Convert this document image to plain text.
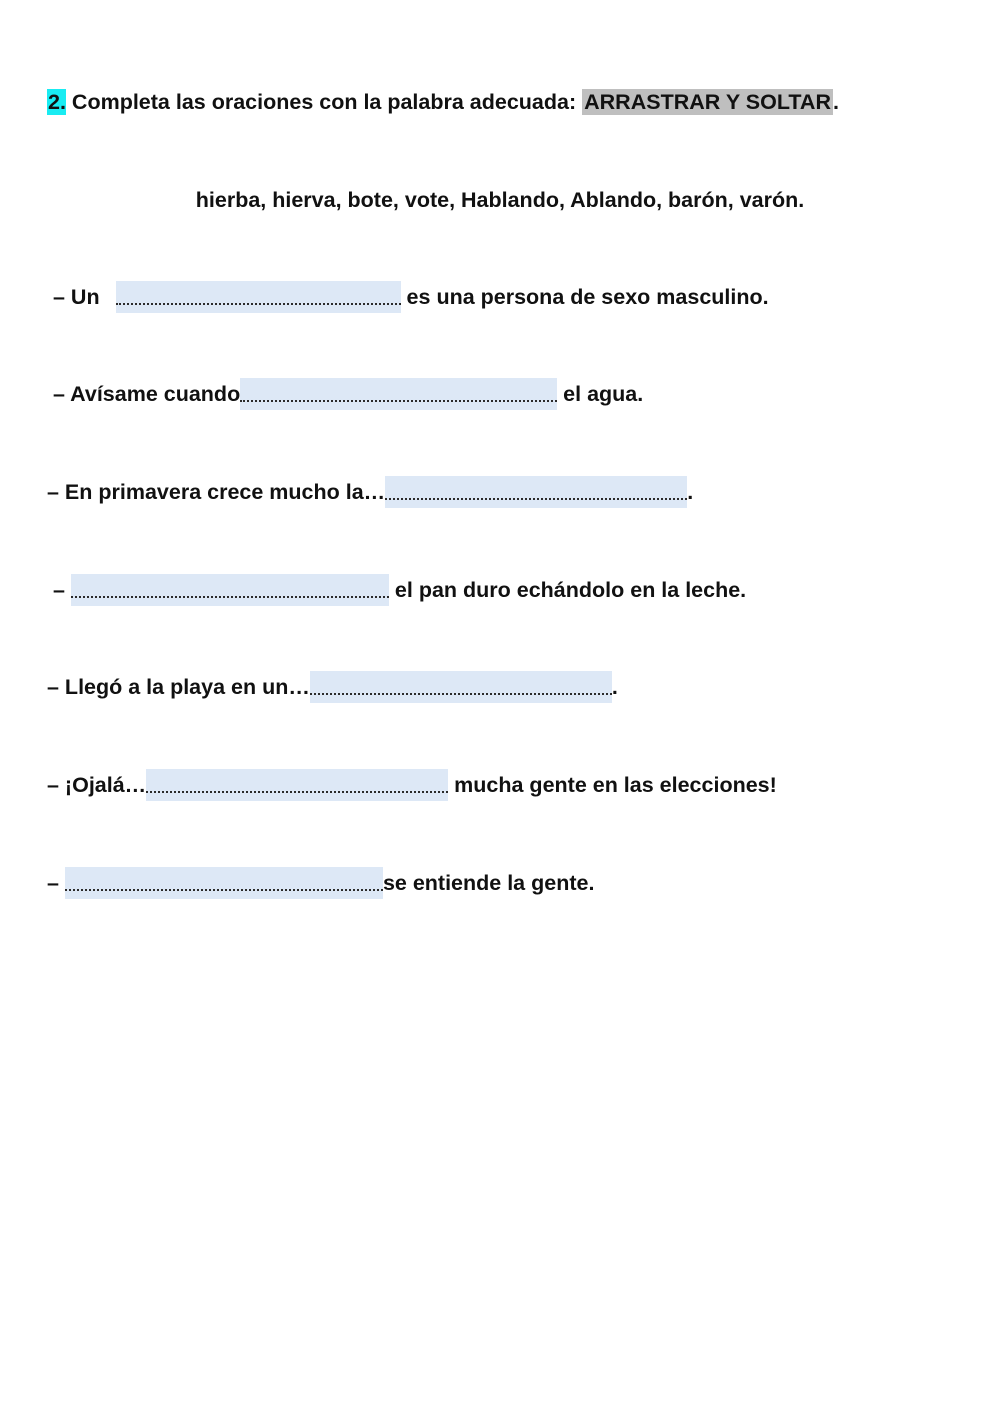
2. Completa las oraciones con la palabra adecuada: ARRASTRAR Y SOLTAR.
hierba, hierva, bote, vote, Hablando, Ablando, barón, varón.
– Un	es una persona de sexo masculino.
– Avísame cuando	el agua.
– En primavera crece mucho la…	.
–	el pan duro echándolo en la leche.
– Llegó a la playa en un…	.
– ¡Ojalá…	mucha gente en las elecciones!
–	se entiende la gente.
